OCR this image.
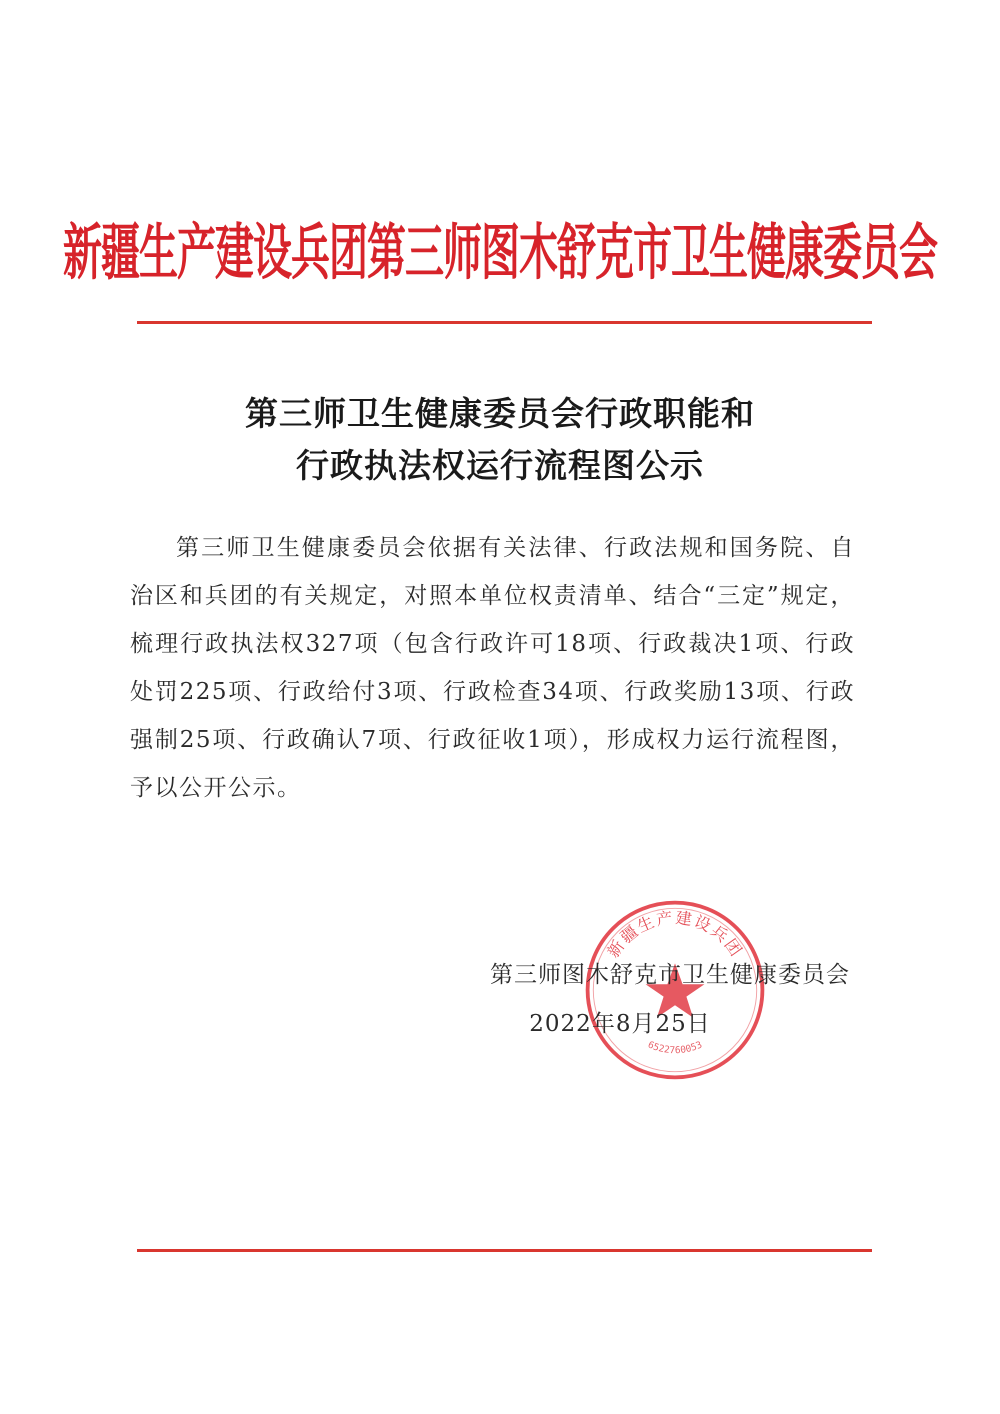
新疆生产建设兵团第三师图木舒克市卫生健康委员会
第三师卫生健康委员会行政职能和
行政执法权运行流程图公示
第三师卫生健康委员会依据有关法律、行政法规和国务院、自治区和兵团的有关规定，对照本单位权责清单、结合“三定”规定，梳理行政执法权327项（包含行政许可18项、行政裁决1项、行政处罚225项、行政给付3项、行政检查34项、行政奖励13项、行政强制25项、行政确认7项、行政征收1项），形成权力运行流程图，予以公开公示。
新疆生产建设兵团
6522760053
第三师图木舒克市卫生健康委员会
2022年8月25日
